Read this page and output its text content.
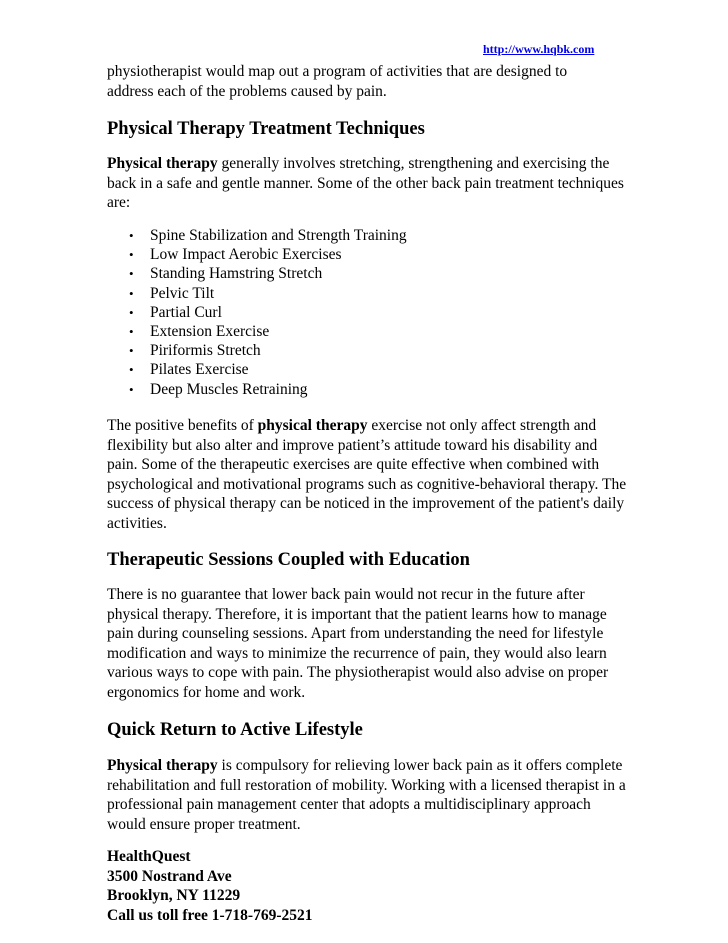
http://www.hqbk.com

physiotherapist would map out a program of activities that are designed to
address each of the problems caused by pain.

Physical Therapy Treatment Techniques

Physical therapy generally involves stretching, strengthening and exercising the back in a safe and gentle manner. Some of the other back pain treatment techniques are:

• Spine Stabilization and Strength Training
• Low Impact Aerobic Exercises
• Standing Hamstring Stretch
• Pelvic Tilt
• Partial Curl
• Extension Exercise
• Piriformis Stretch
• Pilates Exercise
• Deep Muscles Retraining

The positive benefits of physical therapy exercise not only affect strength and flexibility but also alter and improve patient’s attitude toward his disability and pain. Some of the therapeutic exercises are quite effective when combined with psychological and motivational programs such as cognitive-behavioral therapy. The success of physical therapy can be noticed in the improvement of the patient's daily activities.

Therapeutic Sessions Coupled with Education

There is no guarantee that lower back pain would not recur in the future after physical therapy. Therefore, it is important that the patient learns how to manage pain during counseling sessions. Apart from understanding the need for lifestyle modification and ways to minimize the recurrence of pain, they would also learn various ways to cope with pain. The physiotherapist would also advise on proper ergonomics for home and work.

Quick Return to Active Lifestyle

Physical therapy is compulsory for relieving lower back pain as it offers complete rehabilitation and full restoration of mobility. Working with a licensed therapist in a professional pain management center that adopts a multidisciplinary approach would ensure proper treatment.

HealthQuest
3500 Nostrand Ave
Brooklyn, NY 11229
Call us toll free 1-718-769-2521
